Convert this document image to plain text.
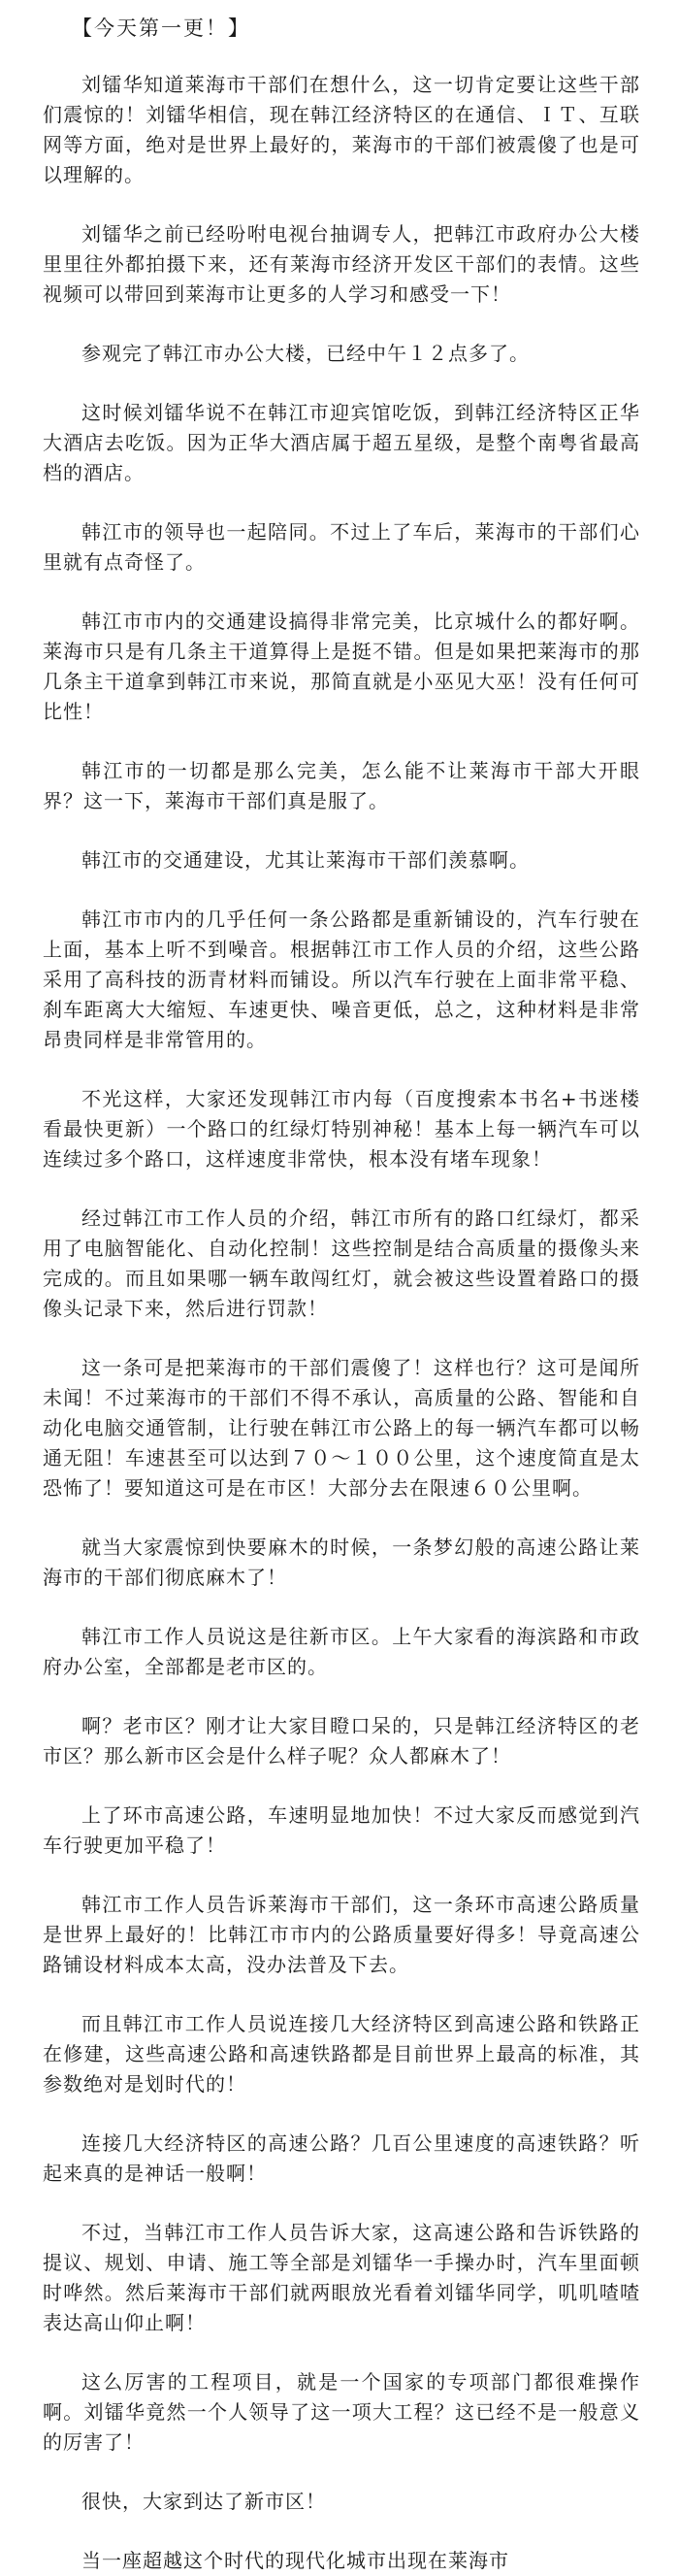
【今天第一更！】

刘镭华知道莱海市干部们在想什么，这一切肯定要让这些干部们震惊的！刘镭华相信，现在韩江经济特区的在通信、ＩＴ、互联网等方面，绝对是世界上最好的，莱海市的干部们被震傻了也是可以理解的。

刘镭华之前已经吩咐电视台抽调专人，把韩江市政府办公大楼里里往外都拍摄下来，还有莱海市经济开发区干部们的表情。这些视频可以带回到莱海市让更多的人学习和感受一下！

参观完了韩江市办公大楼，已经中午１２点多了。

这时候刘镭华说不在韩江市迎宾馆吃饭，到韩江经济特区正华大酒店去吃饭。因为正华大酒店属于超五星级，是整个南粤省最高档的酒店。

韩江市的领导也一起陪同。不过上了车后，莱海市的干部们心里就有点奇怪了。

韩江市市内的交通建设搞得非常完美，比京城什么的都好啊。莱海市只是有几条主干道算得上是挺不错。但是如果把莱海市的那几条主干道拿到韩江市来说，那简直就是小巫见大巫！没有任何可比性！

韩江市的一切都是那么完美，怎么能不让莱海市干部大开眼界？这一下，莱海市干部们真是服了。

韩江市的交通建设，尤其让莱海市干部们羡慕啊。

韩江市市内的几乎任何一条公路都是重新铺设的，汽车行驶在上面，基本上听不到噪音。根据韩江市工作人员的介绍，这些公路采用了高科技的沥青材料而铺设。所以汽车行驶在上面非常平稳、刹车距离大大缩短、车速更快、噪音更低，总之，这种材料是非常昂贵同样是非常管用的。

不光这样，大家还发现韩江市内每（百度搜索本书名+书迷楼 看最快更新）一个路口的红绿灯特别神秘！基本上每一辆汽车可以连续过多个路口，这样速度非常快，根本没有堵车现象！

经过韩江市工作人员的介绍，韩江市所有的路口红绿灯，都采用了电脑智能化、自动化控制！这些控制是结合高质量的摄像头来完成的。而且如果哪一辆车敢闯红灯，就会被这些设置着路口的摄像头记录下来，然后进行罚款！

这一条可是把莱海市的干部们震傻了！这样也行？这可是闻所未闻！不过莱海市的干部们不得不承认，高质量的公路、智能和自动化电脑交通管制，让行驶在韩江市公路上的每一辆汽车都可以畅通无阻！车速甚至可以达到７０～１００公里，这个速度简直是太恐怖了！要知道这可是在市区！大部分去在限速６０公里啊。

就当大家震惊到快要麻木的时候，一条梦幻般的高速公路让莱海市的干部们彻底麻木了！

韩江市工作人员说这是往新市区。上午大家看的海滨路和市政府办公室，全部都是老市区的。

啊？老市区？刚才让大家目瞪口呆的，只是韩江经济特区的老市区？那么新市区会是什么样子呢？众人都麻木了！

上了环市高速公路，车速明显地加快！不过大家反而感觉到汽车行驶更加平稳了！

韩江市工作人员告诉莱海市干部们，这一条环市高速公路质量是世界上最好的！比韩江市市内的公路质量要好得多！导竟高速公路铺设材料成本太高，没办法普及下去。

而且韩江市工作人员说连接几大经济特区到高速公路和铁路正在修建，这些高速公路和高速铁路都是目前世界上最高的标准，其参数绝对是划时代的！

连接几大经济特区的高速公路？几百公里速度的高速铁路？听起来真的是神话一般啊！

不过，当韩江市工作人员告诉大家，这高速公路和告诉铁路的提议、规划、申请、施工等全部是刘镭华一手操办时，汽车里面顿时哗然。然后莱海市干部们就两眼放光看着刘镭华同学，叽叽喳喳表达高山仰止啊！

这么厉害的工程项目，就是一个国家的专项部门都很难操作啊。刘镭华竟然一个人领导了这一项大工程？这已经不是一般意义的厉害了！

很快，大家到达了新市区！

当一座超越这个时代的现代化城市出现在莱海市
